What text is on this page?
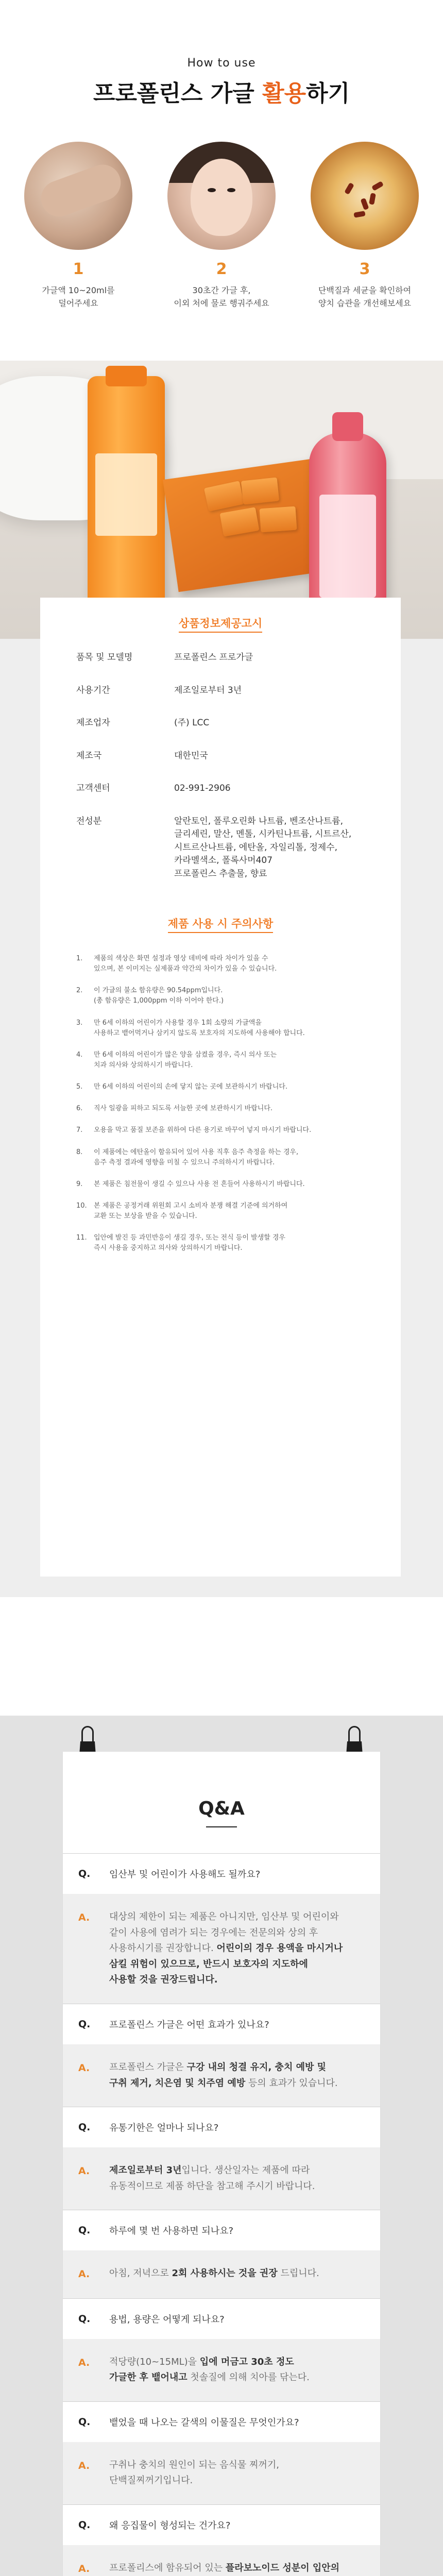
How to use
프로폴린스 가글 활용하기
1
가글액 10~20ml를
덜어주세요
2
30초간 가글 후,
이외 처에 물로 행궈주세요
3
단백질과 세균을 확인하여
양치 습관을 개선해보세요
상품정보제공고시
품목 및 모델명	프로폴린스 프로가글
사용기간	제조일로부터 3년
제조업자	(주) LCC
제조국	대한민국
고객센터	02-991-2906
전성분	알란토인, 폴루오린화 나트륨, 벤조산나트륨,
글리세린, 말산, 멘톨, 시카틴나트륨, 시트르산,
시트르산나트륨, 에탄올, 자일리톨, 정제수,
카라멜색소, 폴록사머407
프로폴린스 추출물, 향료
제품 사용 시 주의사항
1.	제품의 색상은 화면 설정과 영상 데비에 따라 차이가 있을 수
있으며, 본 이미지는 실제품과 약간의 차이가 있을 수 있습니다.
2.	이 가글의 불소 함유량은 90.54ppm입니다.
(총 함유량은 1,000ppm 이하 이어야 한다.)
3.	만 6세 이하의 어린이가 사용할 경우 1회 소량의 가글액을
사용하고 뱉어먹거나 삼키지 않도록 보호자의 지도하에 사용해야 합니다.
4.	만 6세 이하의 어린이가 많은 양을 삼켰을 경우, 즉시 의사 또는
치과 의사와 상의하시기 바랍니다.
5.	만 6세 이하의 어린이의 손에 닿지 않는 곳에 보관하시기 바랍니다.
6.	직사 일광을 피하고 되도록 서늘한 곳에 보관하시기 바랍니다.
7.	오용을 막고 품질 보존을 위하여 다른 용기로 바꾸어 넣지 마시기 바랍니다.
8.	이 제품에는 에탄올이 함유되어 있어 사용 직후 음주 측정을 하는 경우,
음주 측정 결과에 영향을 미칠 수 있으니 주의하시기 바랍니다.
9.	본 제품은 침전물이 생길 수 있으나 사용 전 흔들어 사용하시기 바랍니다.
10.	본 제품은 공정거래 위원회 고시 소비자 분쟁 해결 기준에 의거하여
교환 또는 보상을 받을 수 있습니다.
11.	입안에 발진 등 과민반응이 생길 경우, 또는 전식 등이 발생할 경우
즉시 사용을 중지하고 의사와 상의하시기 바랍니다.
Q&A
Q.	임산부 및 어린이가 사용해도 될까요?
A.	대상의 제한이 되는 제품은 아니지만, 임산부 및 어린이와
같이 사용에 염려가 되는 경우에는 전문의와 상의 후
사용하시기를 권장합니다. 어린이의 경우 용액을 마시거나
삼킬 위험이 있으므로, 반드시 보호자의 지도하에
사용할 것을 권장드립니다.
Q.	프로폴린스 가글은 어떤 효과가 있나요?
A.	프로폴린스 가글은 구강 내의 청결 유지, 충치 예방 및
구취 제거, 치은염 및 치주염 예방 등의 효과가 있습니다.
Q.	유통기한은 얼마나 되나요?
A.	제조일로부터 3년입니다. 생산일자는 제품에 따라
유동적이므로 제품 하단을 참고해 주시기 바랍니다.
Q.	하루에 몇 번 사용하면 되나요?
A.	아침, 저녁으로 2회 사용하시는 것을 권장 드립니다.
Q.	용법, 용량은 어떻게 되나요?
A.	적당량(10~15ML)을 입에 머금고 30초 정도
가글한 후 뱉어내고 첫솔질에 의해 치아를 닦는다.
Q.	뱉었을 때 나오는 갈색의 이물질은 무엇인가요?
A.	구취나 충치의 원인이 되는 음식물 찌꺼기,
단백질찌꺼기입니다.
Q.	왜 응집물이 형성되는 건가요?
A.	프로폴리스에 함유되어 있는 플라보노이드 성분이 입안의
